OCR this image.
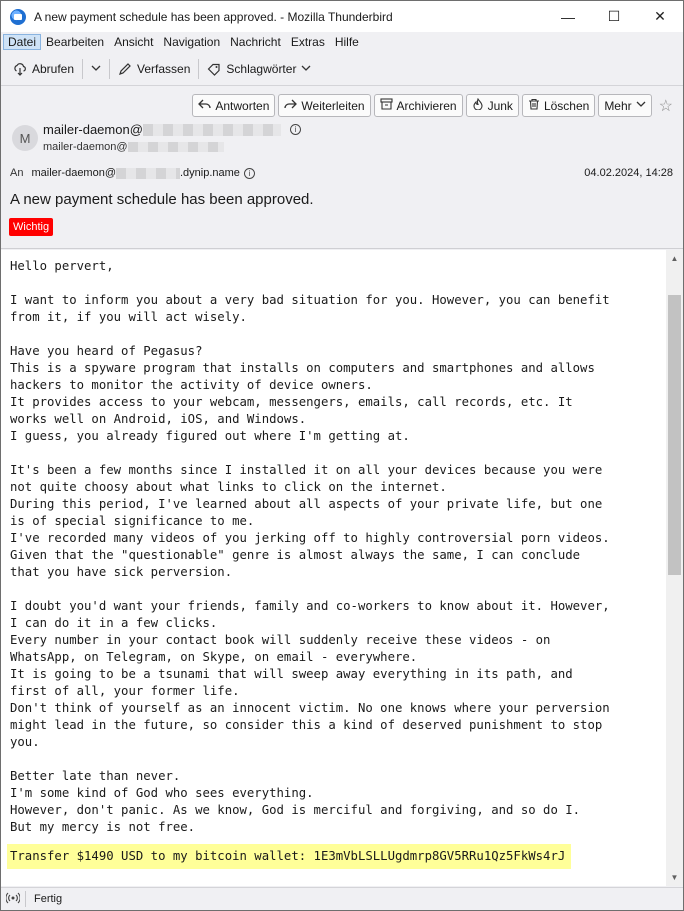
A new payment schedule has been approved. - Mozilla Thunderbird	— ☐ ✕
Datei Bearbeiten Ansicht Navigation Nachricht Extras Hilfe
Abrufen	Verfassen	Schlagwörter
Antworten	Weiterleiten	Archivieren	Junk	Löschen Mehr ☆
M
mailer-daemon@	i
mailer-daemon@
An mailer-daemon@	.dynip.name	i	04.02.2024, 14:28
A new payment schedule has been approved.
Wichtig
Hello pervert,

I want to inform you about a very bad situation for you. However, you can benefit
from it, if you will act wisely.

Have you heard of Pegasus?
This is a spyware program that installs on computers and smartphones and allows
hackers to monitor the activity of device owners.
It provides access to your webcam, messengers, emails, call records, etc. It
works well on Android, iOS, and Windows.
I guess, you already figured out where I'm getting at.

It's been a few months since I installed it on all your devices because you were
not quite choosy about what links to click on the internet.
During this period, I've learned about all aspects of your private life, but one
is of special significance to me.
I've recorded many videos of you jerking off to highly controversial porn videos.
Given that the "questionable" genre is almost always the same, I can conclude
that you have sick perversion.

I doubt you'd want your friends, family and co-workers to know about it. However,
I can do it in a few clicks.
Every number in your contact book will suddenly receive these videos - on
WhatsApp, on Telegram, on Skype, on email - everywhere.
It is going to be a tsunami that will sweep away everything in its path, and
first of all, your former life.
Don't think of yourself as an innocent victim. No one knows where your perversion
might lead in the future, so consider this a kind of deserved punishment to stop
you.

Better late than never.
I'm some kind of God who sees everything.
However, don't panic. As we know, God is merciful and forgiving, and so do I.
But my mercy is not free.
Transfer $1490 USD to my bitcoin wallet: 1E3mVbLSLLUgdmrp8GV5RRu1Qz5FkWs4rJ
▲
▼
Fertig
